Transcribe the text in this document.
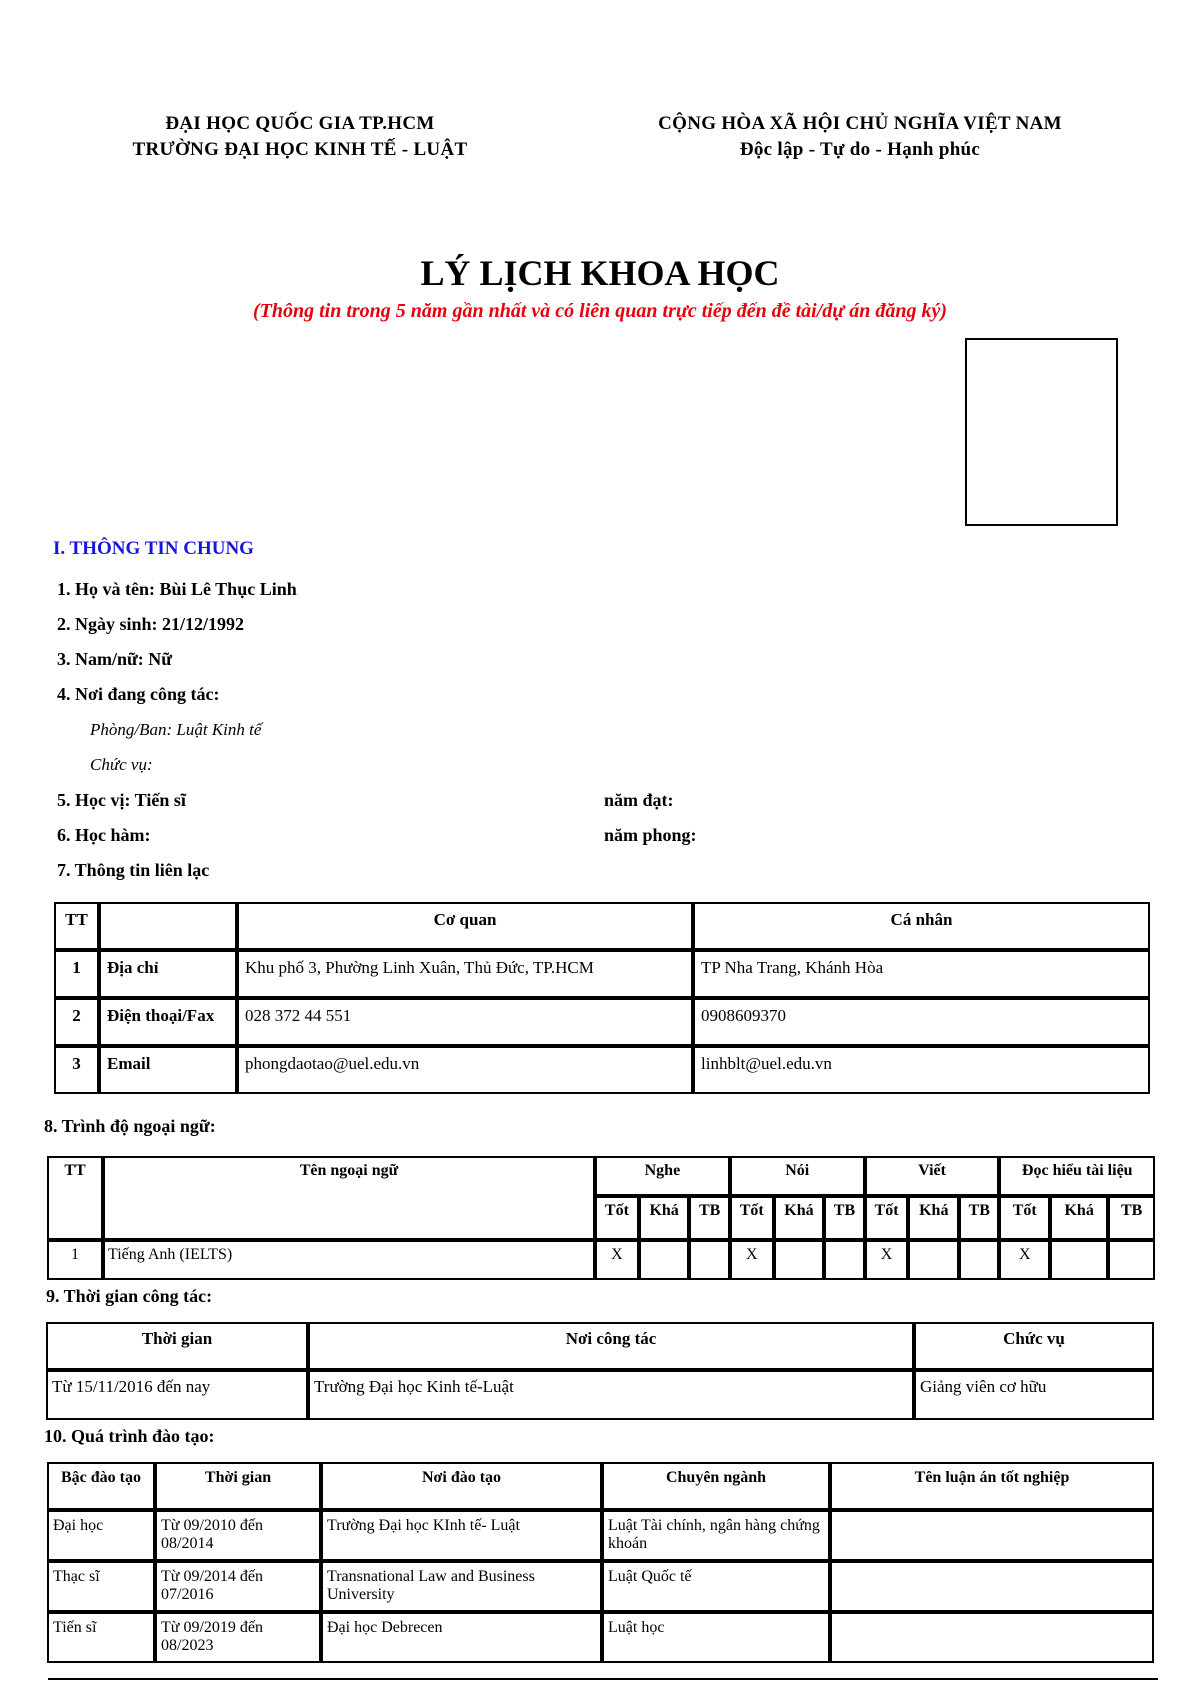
ĐẠI HỌC QUỐC GIA TP.HCM
TRƯỜNG ĐẠI HỌC KINH TẾ - LUẬT
CỘNG HÒA XÃ HỘI CHỦ NGHĨA VIỆT NAM
Độc lập - Tự do - Hạnh phúc
LÝ LỊCH KHOA HỌC
(Thông tin trong 5 năm gần nhất và có liên quan trực tiếp đến đề tài/dự án đăng ký)
I. THÔNG TIN CHUNG
1. Họ và tên: Bùi Lê Thục Linh
2. Ngày sinh: 21/12/1992
3. Nam/nữ: Nữ
4. Nơi đang công tác:
Phòng/Ban: Luật Kinh tế
Chức vụ:
5. Học vị: Tiến sĩ	năm đạt:
6. Học hàm:	năm phong:
7. Thông tin liên lạc
TT		Cơ quan	Cá nhân
1	Địa chỉ	Khu phố 3, Phường Linh Xuân, Thủ Đức, TP.HCM	TP Nha Trang, Khánh Hòa
2	Điện thoại/Fax	028 372 44 551	0908609370
3	Email	phongdaotao@uel.edu.vn	linhblt@uel.edu.vn
8. Trình độ ngoại ngữ:
TT	Tên ngoại ngữ	Nghe			Nói			Viết			Đọc hiểu tài liệu		
		Tốt	Khá	TB	Tốt	Khá	TB	Tốt	Khá	TB	Tốt	Khá	TB
1	Tiếng Anh (IELTS)	X			X			X			X		
9. Thời gian công tác:
Thời gian	Nơi công tác	Chức vụ
Từ 15/11/2016 đến nay	Trường Đại học Kinh tế-Luật	Giảng viên cơ hữu
10. Quá trình đào tạo:
Bậc đào tạo	Thời gian	Nơi đào tạo	Chuyên ngành	Tên luận án tốt nghiệp
Đại học	Từ 09/2010 đến 08/2014	Trường Đại học KInh tế- Luật	Luật Tài chính, ngân hàng chứng khoán	
Thạc sĩ	Từ 09/2014 đến 07/2016	Transnational Law and Business University	Luật Quốc tế	
Tiến sĩ	Từ 09/2019 đến 08/2023	Đại học Debrecen	Luật học	
